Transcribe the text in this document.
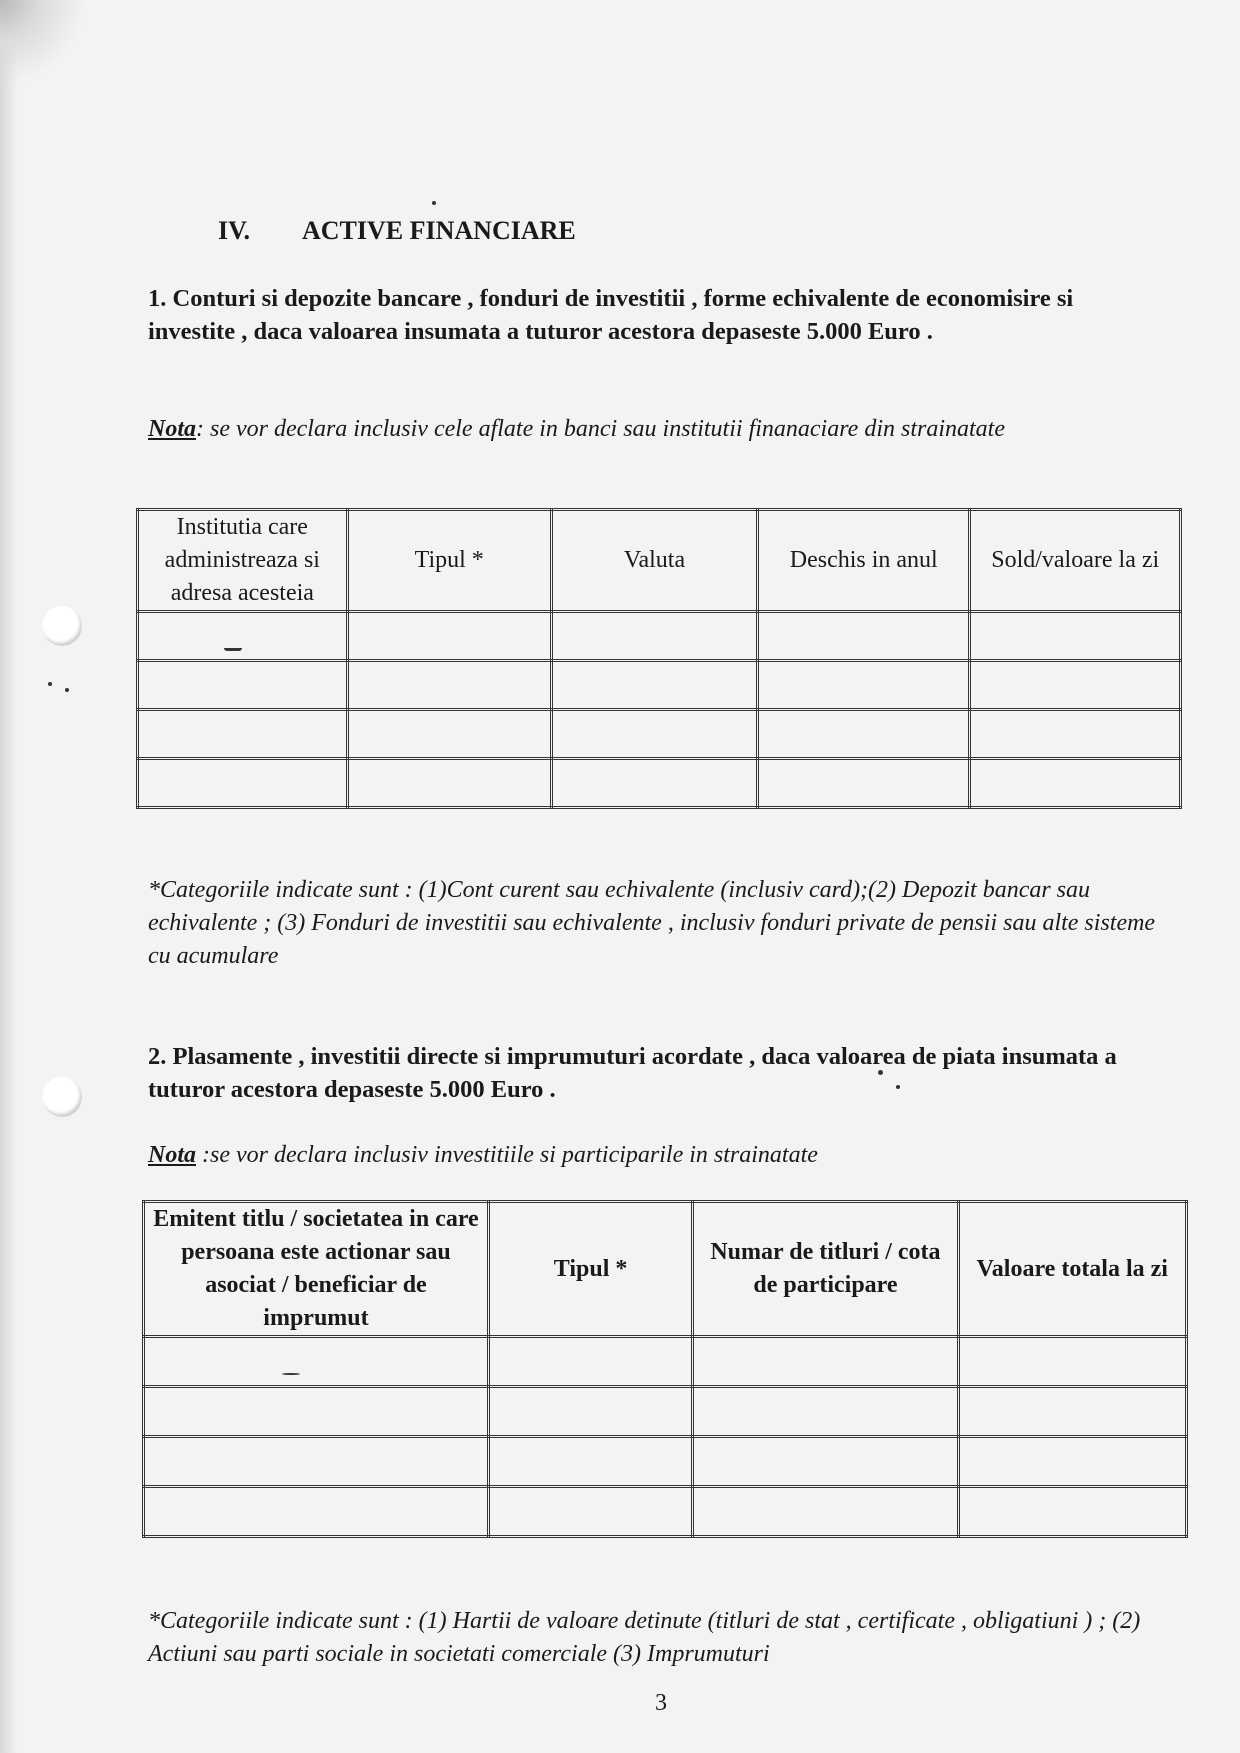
IV. ACTIVE FINANCIARE
1. Conturi si depozite bancare , fonduri de investitii , forme echivalente de economisire si investite , daca valoarea insumata a tuturor acestora depaseste 5.000 Euro .
Nota: se vor declara inclusiv cele aflate in banci sau institutii finanaciare din strainatate
Institutia care administreaza si adresa acesteia	Tipul *	Valuta	Deschis in anul	Sold/valoare la zi

*Categoriile indicate sunt : (1)Cont curent sau echivalente (inclusiv card);(2) Depozit bancar sau echivalente ; (3) Fonduri de investitii sau echivalente , inclusiv fonduri private de pensii sau alte sisteme cu acumulare
2. Plasamente , investitii directe si imprumuturi acordate , daca valoarea de piata insumata a tuturor acestora depaseste 5.000 Euro .
Nota :se vor declara inclusiv investitiile si participarile in strainatate
Emitent titlu / societatea in care persoana este actionar sau asociat / beneficiar de imprumut	Tipul *	Numar de titluri / cota de participare	Valoare totala la zi

*Categoriile indicate sunt : (1) Hartii de valoare detinute (titluri de stat , certificate , obligatiuni ) ; (2) Actiuni sau parti sociale in societati comerciale (3) Imprumuturi
3
